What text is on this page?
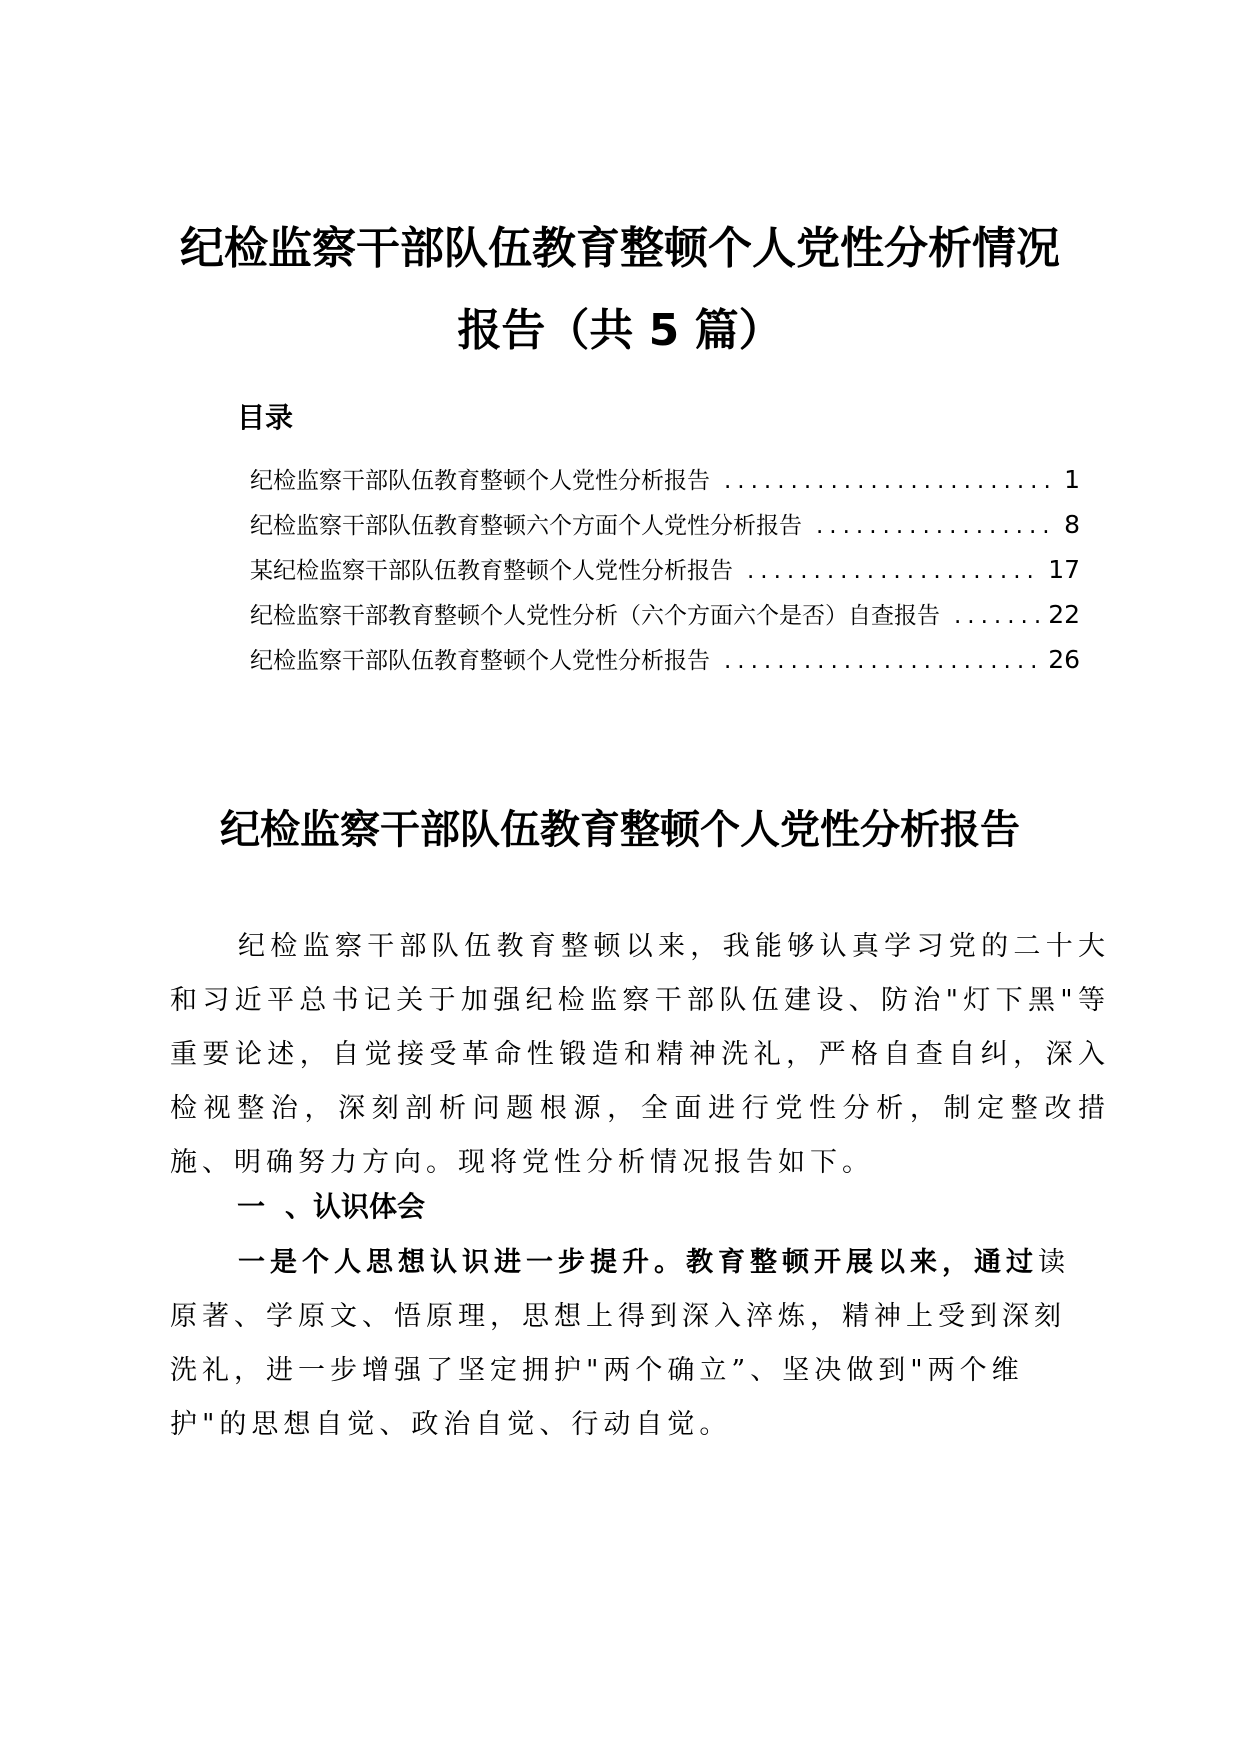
纪检监察干部队伍教育整顿个人党性分析情况
报告（共 5 篇）
目录
纪检监察干部队伍教育整顿个人党性分析报告 .....	1
纪检监察干部队伍教育整顿六个方面个人党性分析报告 .....	8
某纪检监察干部队伍教育整顿个人党性分析报告 .....	17
纪检监察干部教育整顿个人党性分析（六个方面六个是否）自查报告 .....	22
纪检监察干部队伍教育整顿个人党性分析报告 .....	26
纪检监察干部队伍教育整顿个人党性分析报告

纪检监察干部队伍教育整顿以来，我能够认真学习党的二十大和习近平总书记关于加强纪检监察干部队伍建设、防治"灯下黑"等重要论述，自觉接受革命性锻造和精神洗礼，严格自查自纠，深入检视整治，深刻剖析问题根源，全面进行党性分析，制定整改措施、明确努力方向。现将党性分析情况报告如下。

一 、认识体会

一是个人思想认识进一步提升。教育整顿开展以来，通过读原著、学原文、悟原理，思想上得到深入淬炼，精神上受到深刻洗礼，进一步增强了坚定拥护"两个确立”、坚决做到"两个维护"的思想自觉、政治自觉、行动自觉。
